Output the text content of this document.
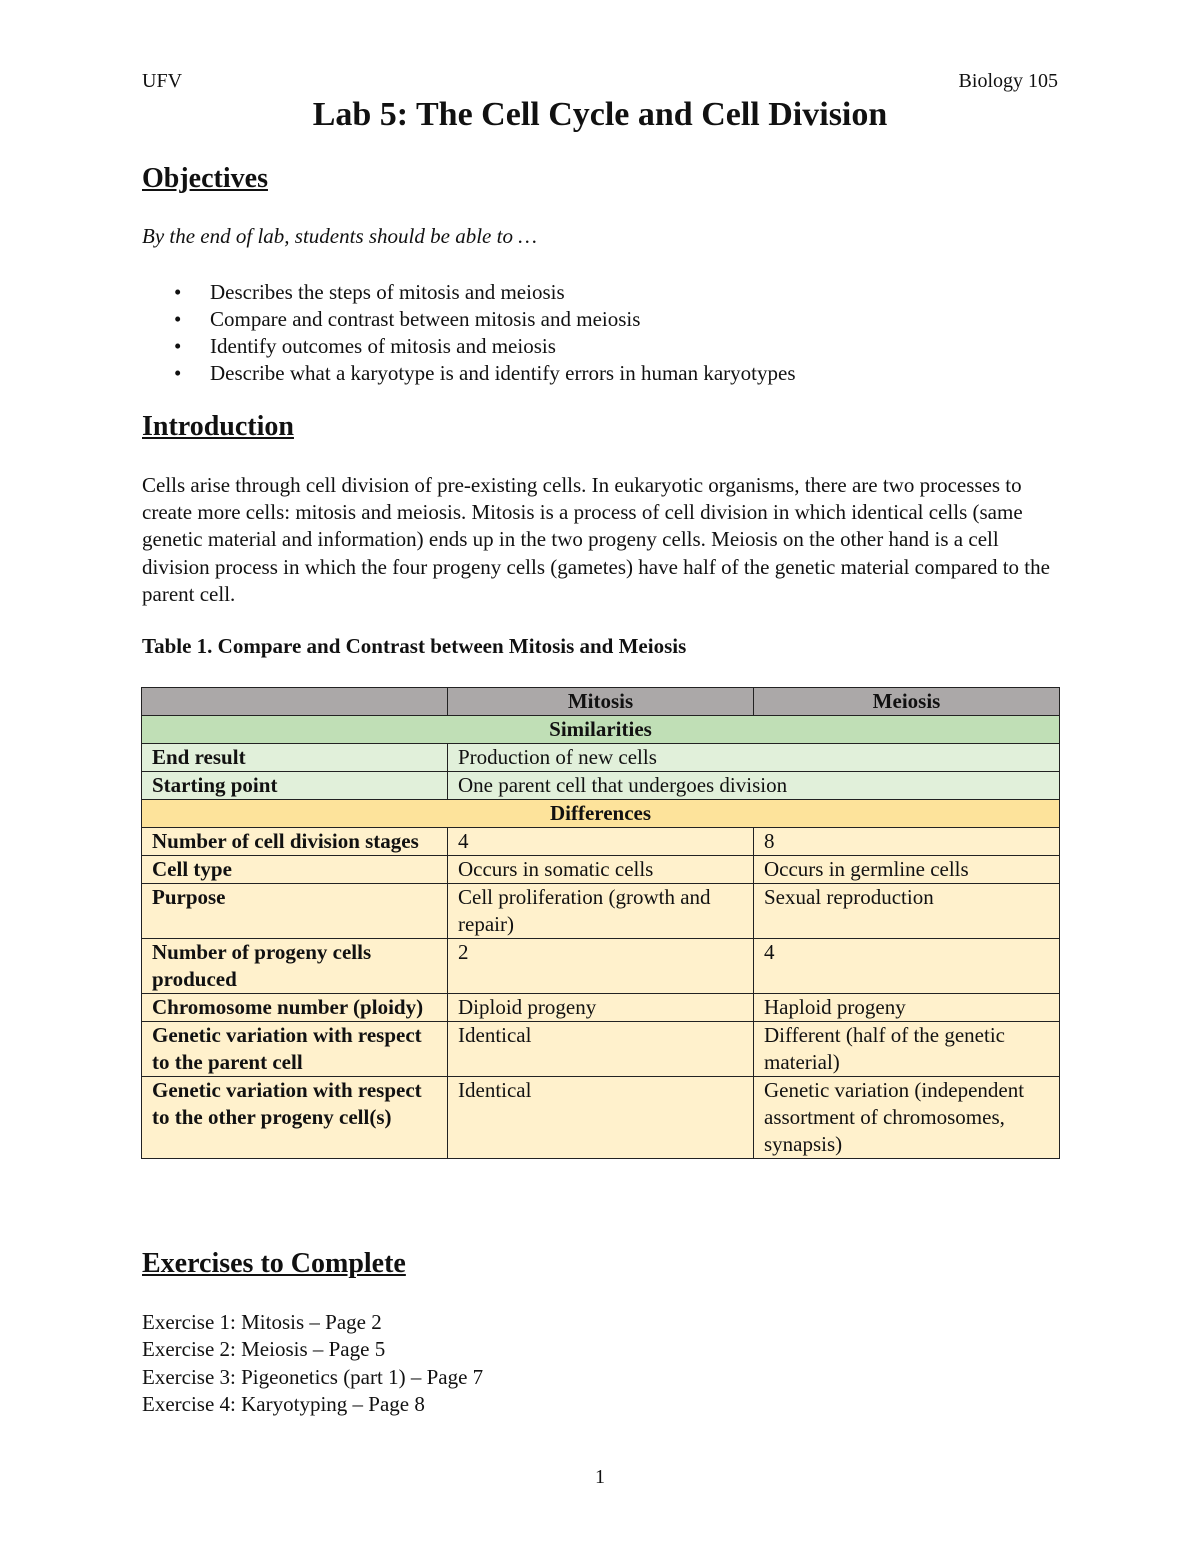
UFV	Biology 105
Lab 5: The Cell Cycle and Cell Division
Objectives
By the end of lab, students should be able to …
• Describes the steps of mitosis and meiosis
• Compare and contrast between mitosis and meiosis
• Identify outcomes of mitosis and meiosis
• Describe what a karyotype is and identify errors in human karyotypes
Introduction
Cells arise through cell division of pre-existing cells. In eukaryotic organisms, there are two processes to create more cells: mitosis and meiosis. Mitosis is a process of cell division in which identical cells (same genetic material and information) ends up in the two progeny cells. Meiosis on the other hand is a cell division process in which the four progeny cells (gametes) have half of the genetic material compared to the parent cell.
Table 1. Compare and Contrast between Mitosis and Meiosis
	Mitosis	Meiosis
Similarities		
End result	Production of new cells	
Starting point	One parent cell that undergoes division	
Differences		
Number of cell division stages	4	8
Cell type	Occurs in somatic cells	Occurs in germline cells
Purpose	Cell proliferation (growth and repair)	Sexual reproduction
Number of progeny cells produced	2	4
Chromosome number (ploidy)	Diploid progeny	Haploid progeny
Genetic variation with respect to the parent cell	Identical	Different (half of the genetic material)
Genetic variation with respect to the other progeny cell(s)	Identical	Genetic variation (independent assortment of chromosomes, synapsis)
Exercises to Complete
Exercise 1: Mitosis – Page 2
Exercise 2: Meiosis – Page 5
Exercise 3: Pigeonetics (part 1) – Page 7
Exercise 4: Karyotyping – Page 8
1
